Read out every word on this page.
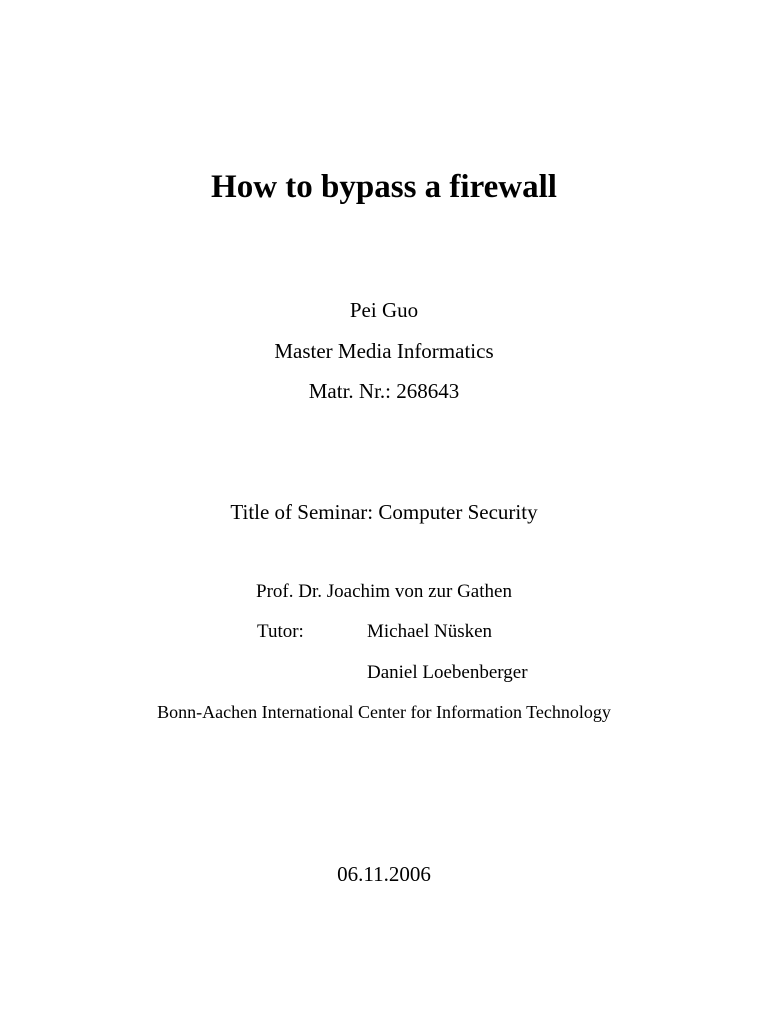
How to bypass a firewall
Pei Guo
Master Media Informatics
Matr. Nr.: 268643
Title of Seminar: Computer Security
Prof. Dr. Joachim von zur Gathen
Tutor:	Michael Nüsken
Daniel Loebenberger
Bonn-Aachen International Center for Information Technology
06.11.2006
